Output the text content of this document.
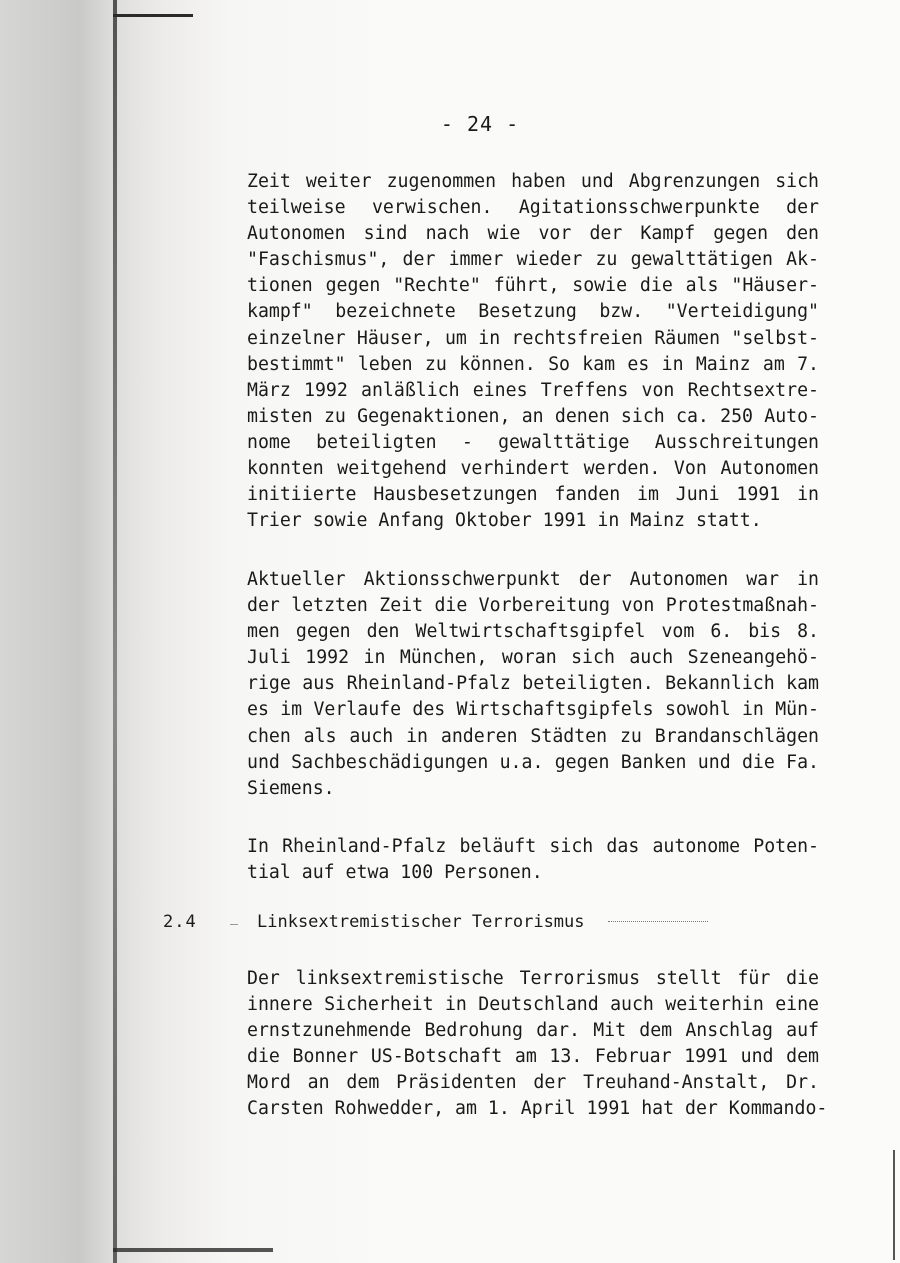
- 24 -
Zeit weiter zugenommen haben und Abgrenzungen sich
teilweise verwischen. Agitationsschwerpunkte der
Autonomen sind nach wie vor der Kampf gegen den
"Faschismus", der immer wieder zu gewalttätigen Ak-
tionen gegen "Rechte" führt, sowie die als "Häuser-
kampf" bezeichnete Besetzung bzw. "Verteidigung"
einzelner Häuser, um in rechtsfreien Räumen "selbst-
bestimmt" leben zu können. So kam es in Mainz am 7.
März 1992 anläßlich eines Treffens von Rechtsextre-
misten zu Gegenaktionen, an denen sich ca. 250 Auto-
nome beteiligten - gewalttätige Ausschreitungen
konnten weitgehend verhindert werden. Von Autonomen
initiierte Hausbesetzungen fanden im Juni 1991 in
Trier sowie Anfang Oktober 1991 in Mainz statt.
Aktueller Aktionsschwerpunkt der Autonomen war in
der letzten Zeit die Vorbereitung von Protestmaßnah-
men gegen den Weltwirtschaftsgipfel vom 6. bis 8.
Juli 1992 in München, woran sich auch Szeneangehö-
rige aus Rheinland-Pfalz beteiligten. Bekannlich kam
es im Verlaufe des Wirtschaftsgipfels sowohl in Mün-
chen als auch in anderen Städten zu Brandanschlägen
und Sachbeschädigungen u.a. gegen Banken und die Fa.
Siemens.
In Rheinland-Pfalz beläuft sich das autonome Poten-
tial auf etwa 100 Personen.
2.4	Linksextremistischer Terrorismus
Der linksextremistische Terrorismus stellt für die
innere Sicherheit in Deutschland auch weiterhin eine
ernstzunehmende Bedrohung dar. Mit dem Anschlag auf
die Bonner US-Botschaft am 13. Februar 1991 und dem
Mord an dem Präsidenten der Treuhand-Anstalt, Dr.
Carsten Rohwedder, am 1. April 1991 hat der Kommando-
